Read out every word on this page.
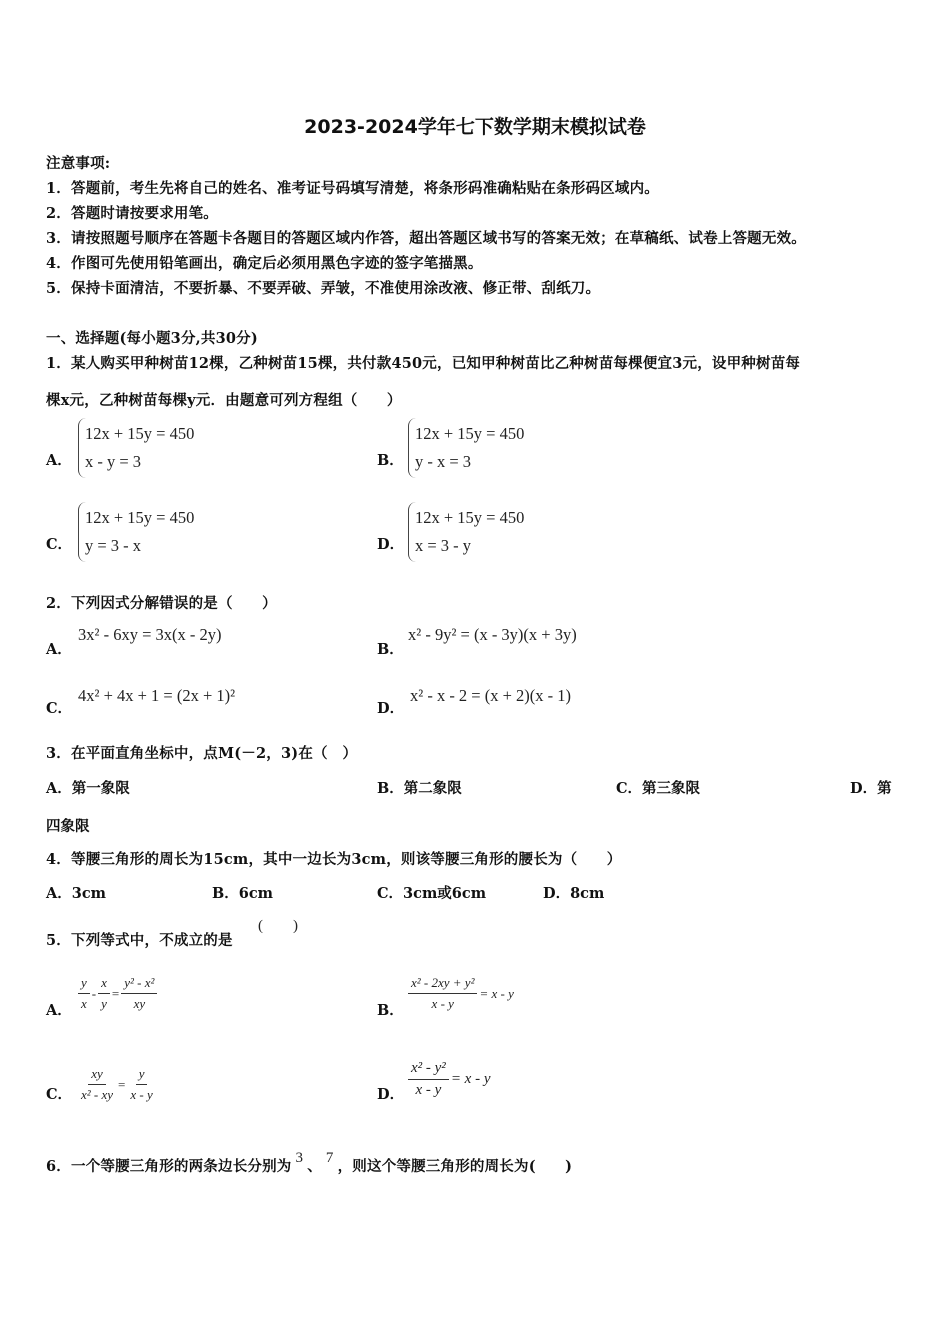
2023-2024学年七下数学期末模拟试卷
注意事项:
1．答题前，考生先将自己的姓名、准考证号码填写清楚，将条形码准确粘贴在条形码区域内。
2．答题时请按要求用笔。
3．请按照题号顺序在答题卡各题目的答题区域内作答，超出答题区域书写的答案无效；在草稿纸、试卷上答题无效。
4．作图可先使用铅笔画出，确定后必须用黑色字迹的签字笔描黑。
5．保持卡面清洁，不要折暴、不要弄破、弄皱，不准使用涂改液、修正带、刮纸刀。
一、选择题(每小题3分,共30分)
1．某人购买甲种树苗12棵，乙种树苗15棵，共付款450元，已知甲种树苗比乙种树苗每棵便宜3元，设甲种树苗每
棵x元，乙种树苗每棵y元．由题意可列方程组（　　）
A．
12x + 15y = 450
x - y = 3	B．
12x + 15y = 450
y - x = 3
C．
12x + 15y = 450
y = 3 - x	D．
12x + 15y = 450
x = 3 - y
2．下列因式分解错误的是（　　）
A．
3x² - 6xy = 3x(x - 2y)
B．
x² - 9y² = (x - 3y)(x + 3y)
C．
4x² + 4x + 1 = (2x + 1)²
D．
x² - x - 2 = (x + 2)(x - 1)
3．在平面直角坐标中，点M(－2，3)在（　）
A．第一象限	B．第二象限	C．第三象限	D．第
四象限
4．等腰三角形的周长为15cm，其中一边长为3cm，则该等腰三角形的腰长为（　　）
A．3cm	B．6cm	C．3cm或6cm	D．8cm
5．下列等式中，不成立的是
(　　)
A． $\frac{y}{x} - \frac{x}{y} = \frac{\text{y² - x²}}{xy}$	B． $\frac{\text{x² - 2xy + y²}}{x - y} = x - y$
C． $\frac{xy}{\text{x² - xy}} = \frac{y}{x - y}$	D． $\frac{\text{x² - y²}}{x - y} = x - y$
6．一个等腰三角形的两条边长分别为 3 、 7 ，则这个等腰三角形的周长为(　　)
